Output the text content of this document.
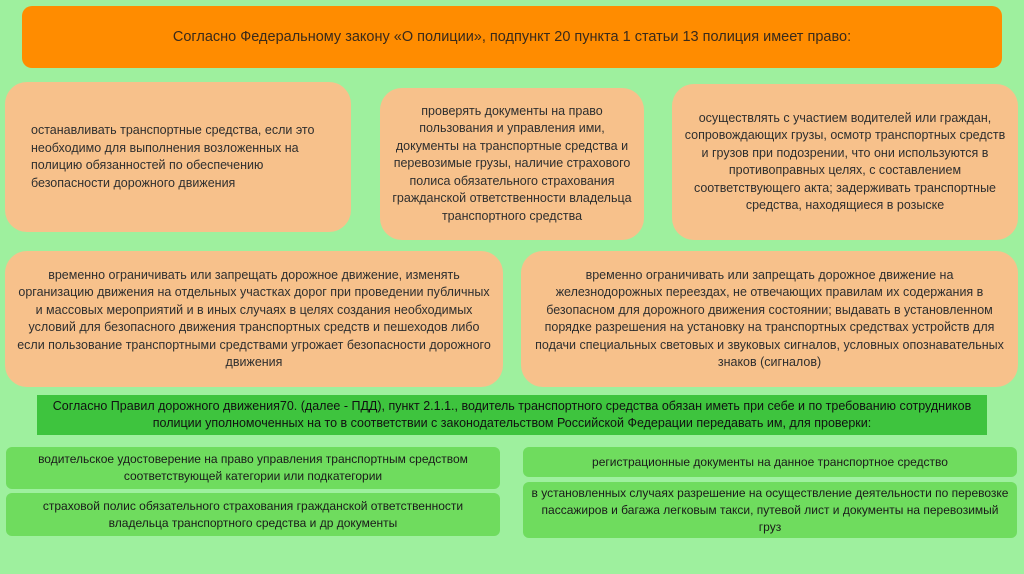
Согласно Федеральному закону «О полиции», подпункт 20 пункта 1 статьи 13 полиция имеет право:
останавливать транспортные средства, если это необходимо для выполнения возложенных на полицию обязанностей по обеспечению безопасности дорожного движения
проверять документы на право пользования и управления ими, документы на транспортные средства и перевозимые грузы, наличие страхового полиса обязательного страхования гражданской ответственности владельца транспортного средства
осуществлять с участием водителей или граждан, сопровождающих грузы, осмотр транспортных средств и грузов при подозрении, что они используются в противоправных целях, с составлением соответствующего акта; задерживать транспортные средства, находящиеся в розыске
временно ограничивать или запрещать дорожное движение, изменять организацию движения на отдельных участках дорог при проведении публичных и массовых мероприятий и в иных случаях в целях создания необходимых условий для безопасного движения транспортных средств и пешеходов либо если пользование транспортными средствами угрожает безопасности дорожного движения
временно ограничивать или запрещать дорожное движение на железнодорожных переездах, не отвечающих правилам их содержания в безопасном для дорожного движения состоянии; выдавать в установленном порядке разрешения на установку на транспортных средствах устройств для подачи специальных световых и звуковых сигналов, условных опознавательных знаков (сигналов)
Согласно Правил дорожного движения70. (далее - ПДД), пункт 2.1.1., водитель транспортного средства обязан иметь при себе и по требованию сотрудников полиции уполномоченных на то в соответствии с законодательством Российской Федерации передавать им, для проверки:
водительское удостоверение на право управления транспортным средством соответствующей категории или подкатегории
страховой полис обязательного страхования гражданской ответственности владельца транспортного средства и др документы
регистрационные документы на данное транспортное средство
в установленных случаях разрешение на осуществление деятельности по перевозке пассажиров и багажа легковым такси, путевой лист и документы на перевозимый груз
